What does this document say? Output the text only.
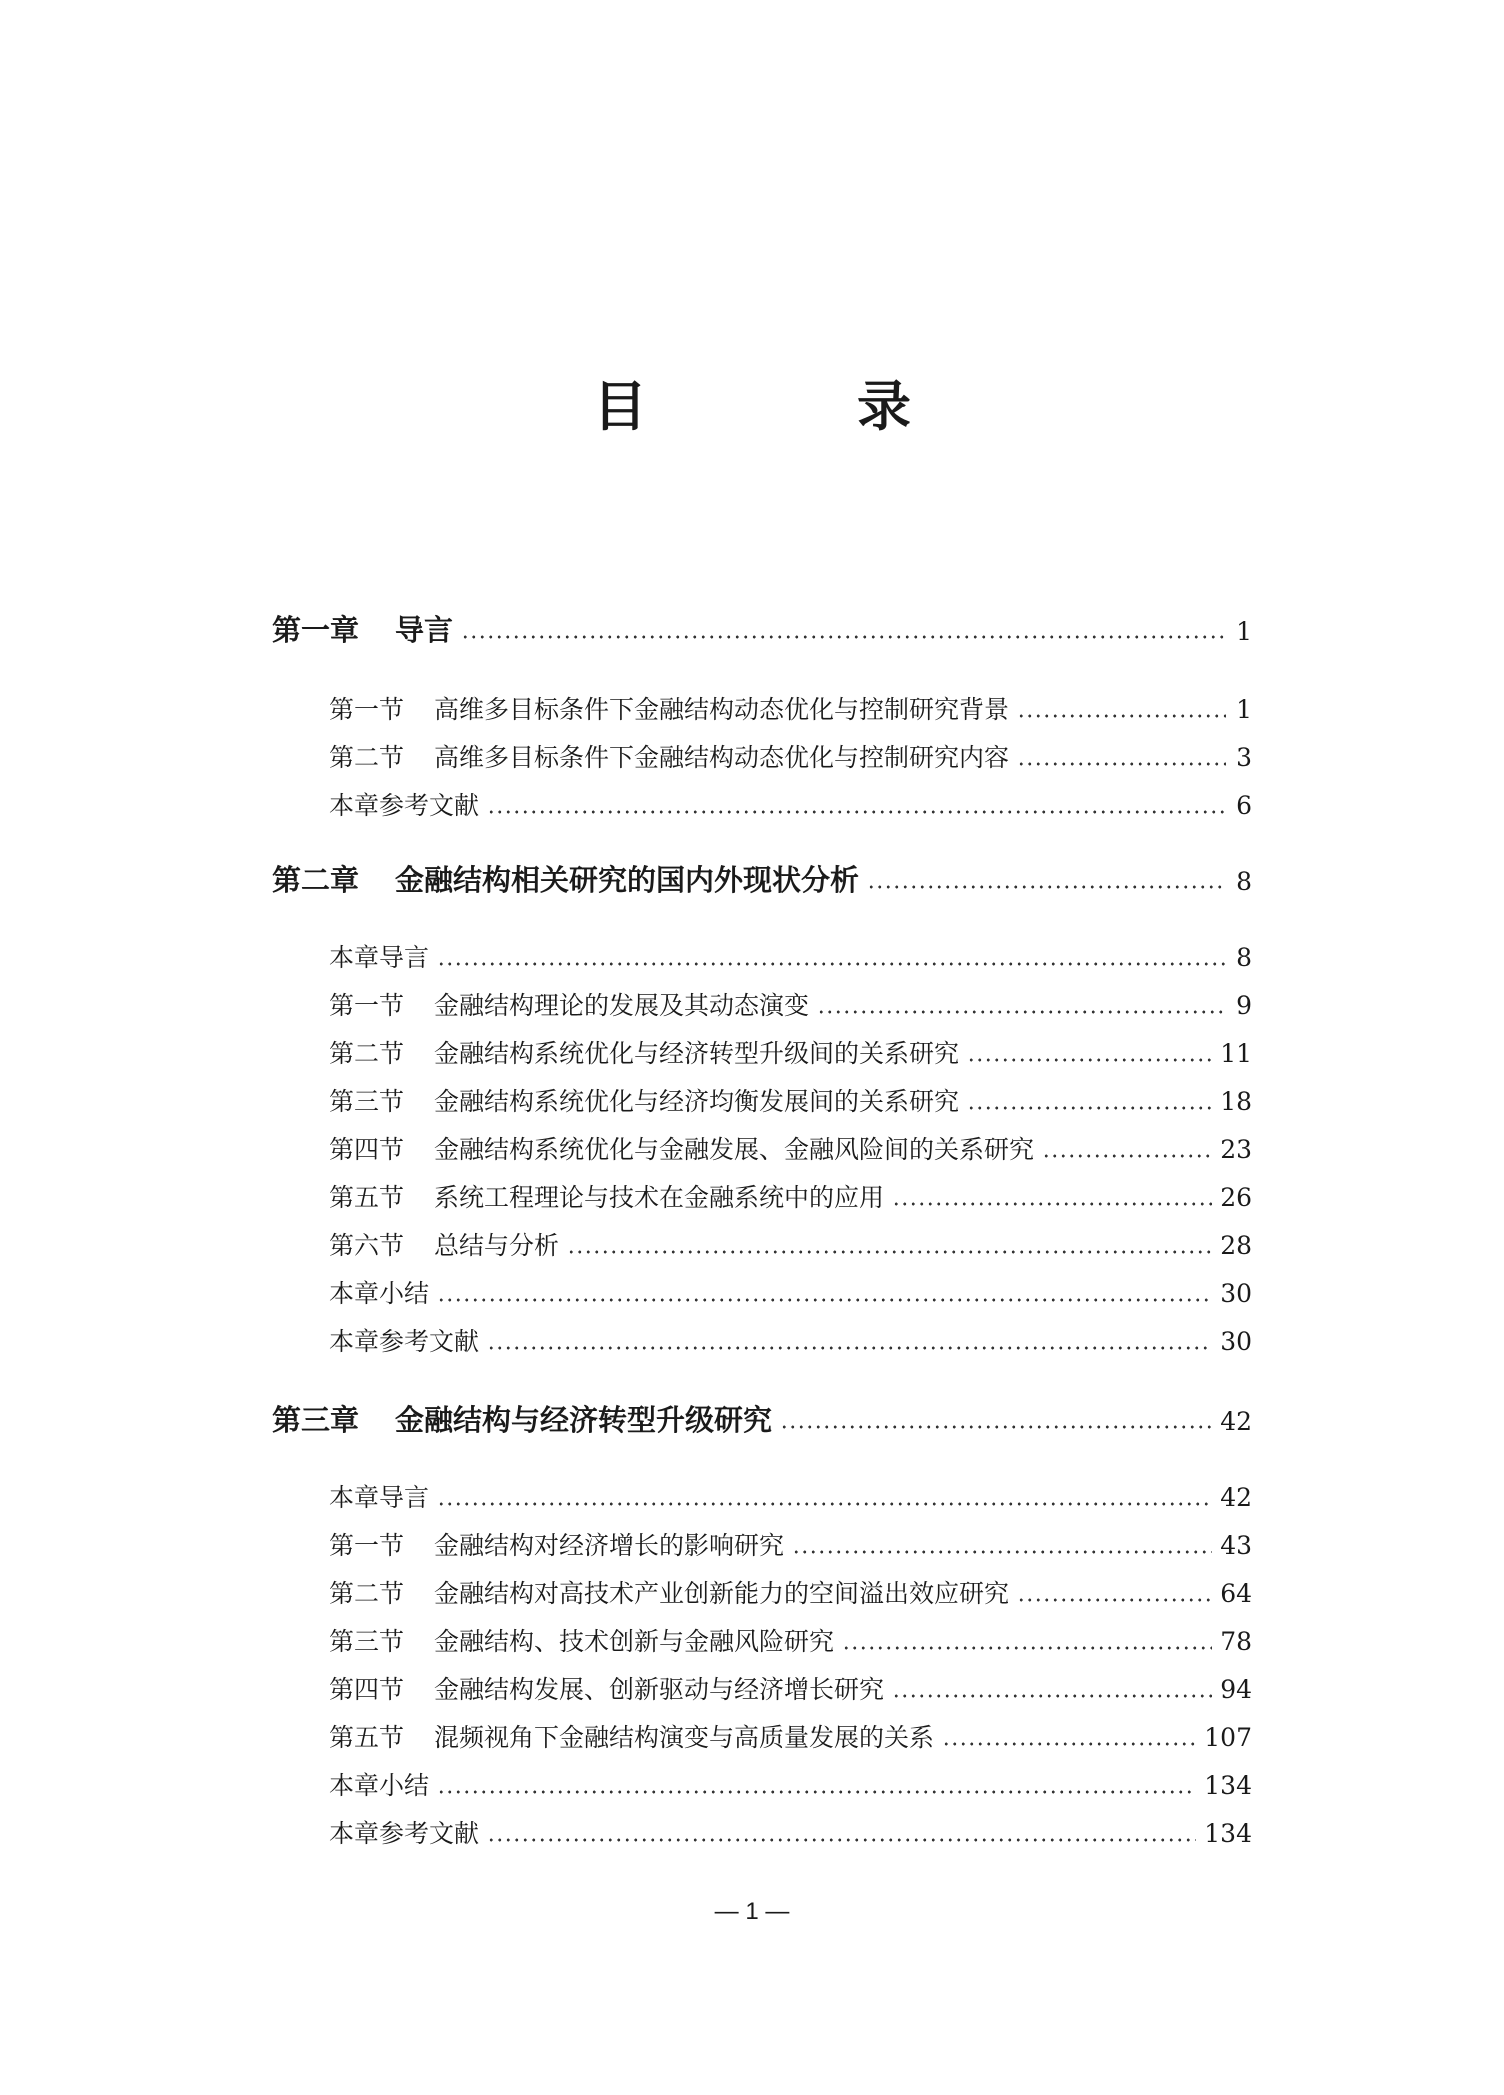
目　录
第一章 导言	1
第一节 高维多目标条件下金融结构动态优化与控制研究背景	1
第二节 高维多目标条件下金融结构动态优化与控制研究内容	3
本章参考文献	6
第二章 金融结构相关研究的国内外现状分析	8
本章导言	8
第一节 金融结构理论的发展及其动态演变	9
第二节 金融结构系统优化与经济转型升级间的关系研究	11
第三节 金融结构系统优化与经济均衡发展间的关系研究	18
第四节 金融结构系统优化与金融发展、金融风险间的关系研究	23
第五节 系统工程理论与技术在金融系统中的应用	26
第六节 总结与分析	28
本章小结	30
本章参考文献	30
第三章 金融结构与经济转型升级研究	42
本章导言	42
第一节 金融结构对经济增长的影响研究	43
第二节 金融结构对高技术产业创新能力的空间溢出效应研究	64
第三节 金融结构、技术创新与金融风险研究	78
第四节 金融结构发展、创新驱动与经济增长研究	94
第五节 混频视角下金融结构演变与高质量发展的关系	107
本章小结	134
本章参考文献	134
— 1 —
